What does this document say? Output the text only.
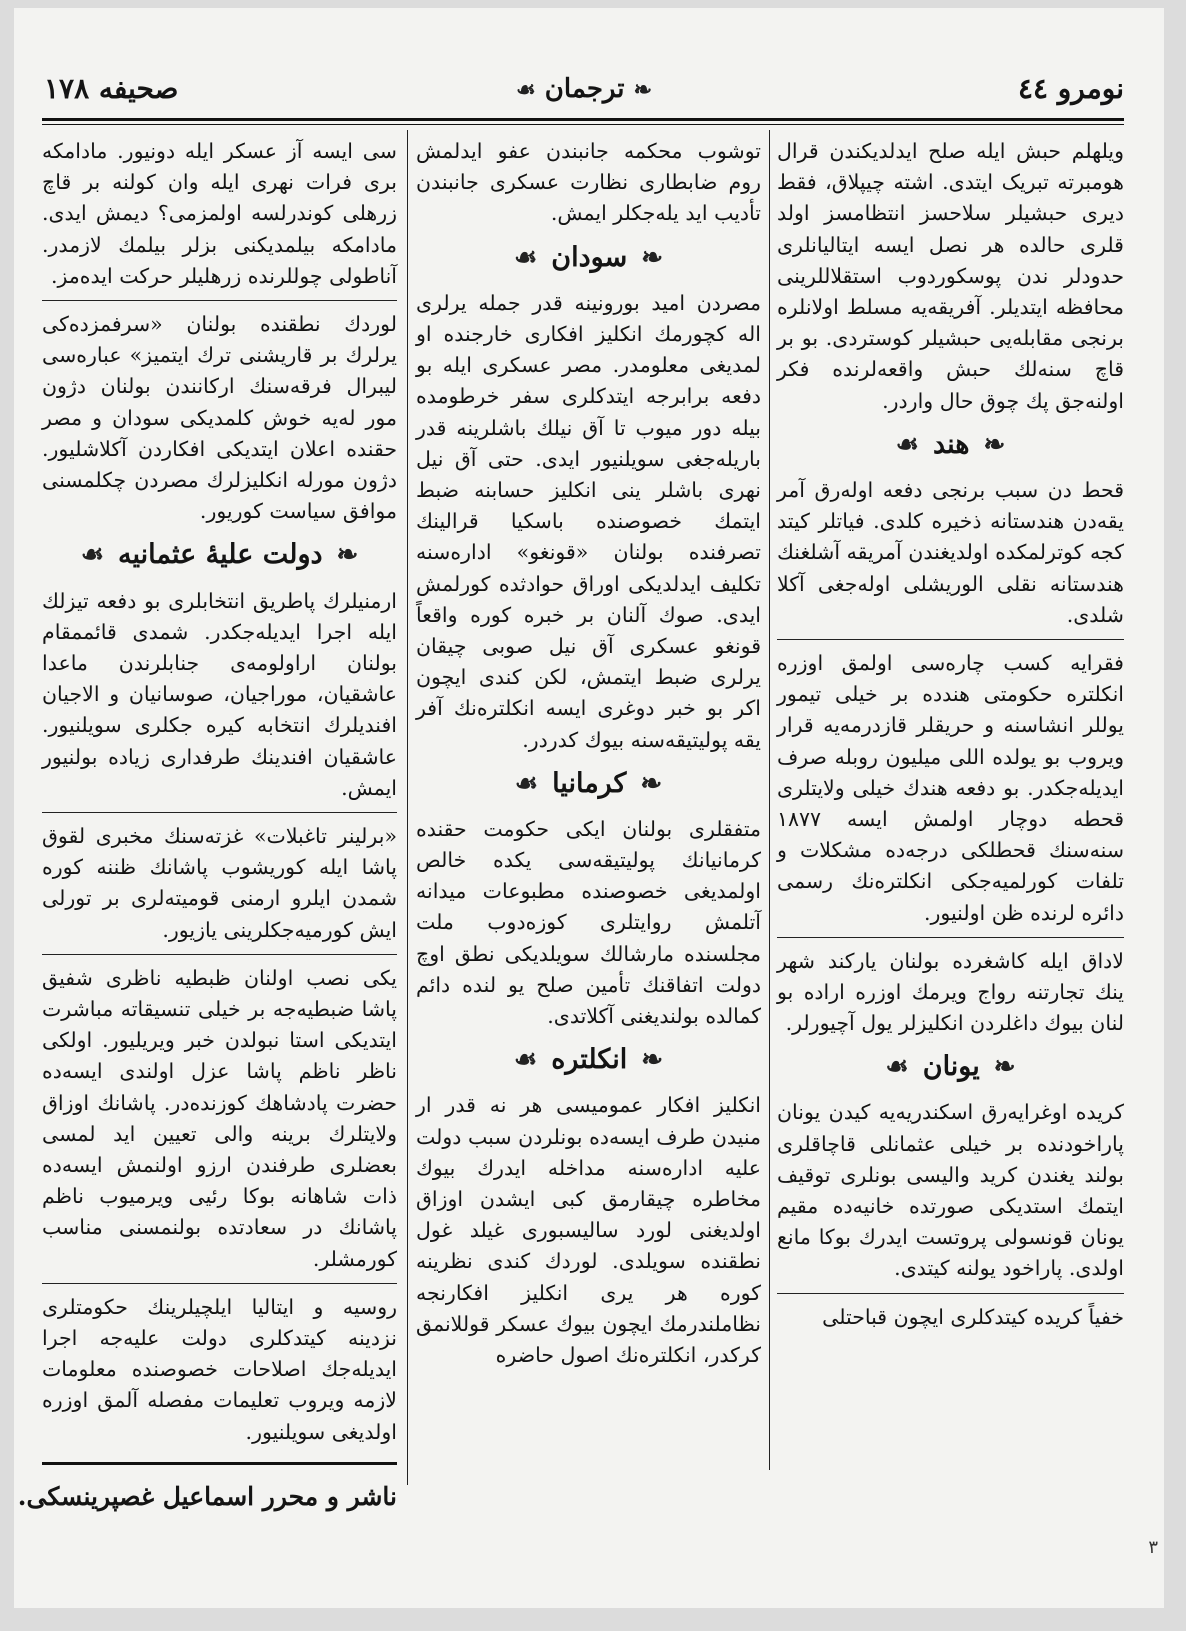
صحیفه ۱۷۸	❧ ترجمان ☙	نومرو ٤٤

ویلهلم حبش ایله صلح ایدلدیکندن قرال هومبرته تبریک ایتدی. اشته چیپلاق، فقط دیری حبشیلر سلاحسز انتظامسز اولد قلری حالده هر نصل ایسه ایتالیانلری حدودلر ندن پوسکوردوب استقلاللرینی محافظه ایتدیلر. آفریقه‌یه مسلط اولانلره برنجی مقابله‌یی حبشیلر کوستردی. بو بر قاچ سنه‌لك حبش واقعه‌لرنده فکر اولنه‌جق پك چوق حال واردر.

❧هند☙

قحط دن سبب برنجی دفعه اوله‌رق آمر یقه‌دن هندستانه ذخیره کلدی. فیاتلر کیتد کجه کوترلمکده اولدیغندن آمریقه آشلغنك هندستانه نقلی الوریشلی اوله‌جغی آکلا شلدی.

فقرایه کسب چاره‌سی اولمق اوزره انکلتره حکومتی هندده بر خیلی تیمور یوللر انشاسنه و حریقلر قازدرمه‌یه قرار ویروب بو یولده اللی میلیون روبله صرف ایدیله‌جکدر. بو دفعه هندك خیلی ولایتلری قحطه دوچار اولمش ایسه ۱۸۷۷ سنه‌سنك قحطلکی درجه‌ده مشکلات و تلفات کورلمیه‌جکی انکلتره‌نك رسمی دائره لرنده ظن اولنیور.

لاداق ایله کاشغرده بولنان یارکند شهر ینك تجارتنه رواج ویرمك اوزره اراده بو لنان بیوك داغلردن انکلیزلر یول آچیورلر.

❧یونان☙

کریده اوغرایه‌رق اسکندریه‌یه کیدن یونان پاراخودنده بر خیلی عثمانلی قاچاقلری بولند یغندن کرید والیسی بونلری توقیف ایتمك استدیکی صورتده خانیه‌ده مقیم یونان قونسولی پروتست ایدرك بوکا مانع اولدی. پاراخود یولنه کیتدی.

خفیاً کریده کیتدکلری ایچون قباحتلی

توشوب محکمه جانبندن عفو ایدلمش روم ضابطاری نظارت عسکری جانبندن تأدیب اید یله‌جکلر ایمش.

❧سودان☙

مصردن امید بورونینه قدر جمله یرلری اله کچورمك انکلیز افکاری خارجنده او لمدیغی معلومدر. مصر عسکری ایله بو دفعه برابرجه ایتدکلری سفر خرطومده بیله دور میوب تا آق نیلك باشلرینه قدر باریله‌جغی سویلنیور ایدی. حتی آق نیل نهری باشلر ینی انکلیز حسابنه ضبط ایتمك خصوصنده باسکیا قرالینك تصرفنده بولنان «قونغو» اداره‌سنه تکلیف ایدلدیکی اوراق حوادثده کورلمش ایدی. صوك آلنان بر خبره کوره واقعاً قونغو عسکری آق نیل صوبی چیقان یرلری ضبط ایتمش، لکن کندی ایچون اکر بو خبر دوغری ایسه انکلتره‌نك آفر یقه پولیتیقه‌سنه بیوك کدردر.

❧کرمانیا☙

متفقلری بولنان ایکی حکومت حقنده کرمانیانك پولیتیقه‌سی یکده خالص اولمدیغی خصوصنده مطبوعات میدانه آتلمش روایتلری کوزه‌دوب ملت مجلسنده مارشالك سویلدیکی نطق اوچ دولت اتفاقنك تأمین صلح یو لنده دائم کمالده بولندیغنی آکلاتدی.

❧انکلتره☙

انکلیز افکار عمومیسی هر نه قدر ار منیدن طرف ایسه‌ده بونلردن سبب دولت علیه اداره‌سنه مداخله ایدرك بیوك مخاطره چیقارمق کبی ایشدن اوزاق اولدیغنی لورد سالیسبوری غیلد غول نطقنده سویلدی. لوردك کندی نظرینه کوره هر یری انکلیز افکارنجه نظاملندرمك ایچون بیوك عسکر قوللانمق کرکدر، انکلتره‌نك اصول حاضره

سی ایسه آز عسکر ایله دونیور. مادامکه بری فرات نهری ایله وان کولنه بر قاچ زرهلی کوندرلسه اولمزمی؟ دیمش ایدی. مادامکه بیلمدیکنی بزلر بیلمك لازمدر. آناطولی چوللرنده زرهلیلر حرکت ایده‌مز.

لوردك نطقنده بولنان «سرفمزده‌کی یرلرك بر قاریشنی ترك ایتمیز» عباره‌سی لیبرال فرقه‌سنك ارکانندن بولنان دژون مور له‌یه خوش کلمدیکی سودان و مصر حقنده اعلان ایتدیکی افکاردن آکلاشلیور. دژون مورله انکلیزلرك مصردن چکلمسنی موافق سیاست کوریور.

❧دولت علیهٔ عثمانیه☙

ارمنیلرك پاطریق انتخابلری بو دفعه تیزلك ایله اجرا ایدیله‌جکدر. شمدی قائممقام بولنان اراولومه‌ی جنابلرندن ماعدا عاشقیان، موراجیان، صوسانیان و الاجیان افندیلرك انتخابه کیره جکلری سویلنیور. عاشقیان افندینك طرفداری زیاده بولنیور ایمش.

«برلینر تاغبلات» غزته‌سنك مخبری لقوق پاشا ایله کوریشوب پاشانك ظننه کوره شمدن ایلرو ارمنی قومیته‌لری بر تورلی ایش کورمیه‌جکلرینی یازیور.

یکی نصب اولنان ظبطیه ناظری شفیق پاشا ضبطیه‌جه بر خیلی تنسیقاته مباشرت ایتدیکی استا نبولدن خبر ویریلیور. اولکی ناظر ناظم پاشا عزل اولندی ایسه‌ده حضرت پادشاهك کوزنده‌در. پاشانك اوزاق ولایتلرك برینه والی تعیین اید لمسی بعضلری طرفندن ارزو اولنمش ایسه‌ده ذات شاهانه بوکا رئیی ویرمیوب ناظم پاشانك در سعادتده بولنمسنی مناسب کورمشلر.

روسیه و ایتالیا ایلچیلرینك حکومتلری نزدینه کیتدکلری دولت علیه‌جه اجرا ایدیله‌جك اصلاحات خصوصنده معلومات لازمه ویروب تعلیمات مفصله آلمق اوزره اولدیغی سویلنیور.

ناشر و محرر اسماعیل غصپرینسکی.
٣
